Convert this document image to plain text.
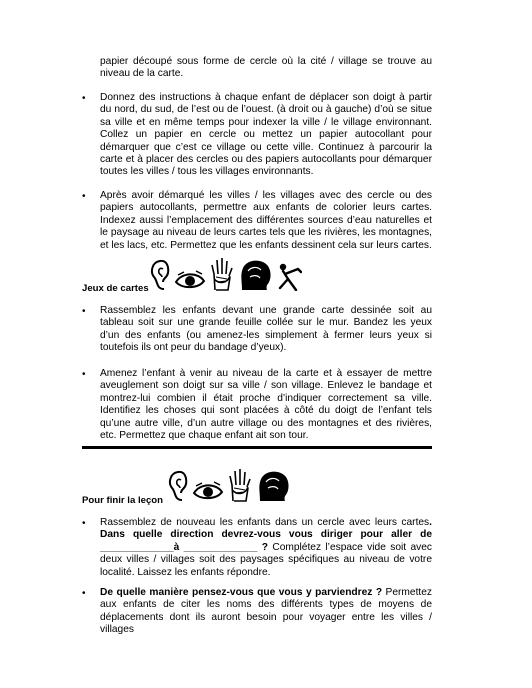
papier découpé sous forme de cercle où la cité / village se trouve au niveau de la carte.
• Donnez des instructions à chaque enfant de déplacer son doigt à partir du nord, du sud, de l’est ou de l’ouest. (à droit ou à gauche) d’où se situe sa ville et en même temps pour indexer la ville / le village environnant. Collez un papier en cercle ou mettez un papier autocollant pour démarquer que c’est ce village ou cette ville. Continuez à parcourir la carte et à placer des cercles ou des papiers autocollants pour démarquer toutes les villes / tous les villages environnants.
• Après avoir démarqué les villes / les villages avec des cercle ou des papiers autocollants, permettre aux enfants de colorier leurs cartes. Indexez aussi l’emplacement des différentes sources d’eau naturelles et le paysage au niveau de leurs cartes tels que les rivières, les montagnes, et les lacs, etc. Permettez que les enfants dessinent cela sur leurs cartes.
Jeux de cartes
• Rassemblez les enfants devant une grande carte dessinée soit au tableau soit sur une grande feuille collée sur le mur. Bandez les yeux d’un des enfants (ou amenez-les simplement à fermer leurs yeux si toutefois ils ont peur du bandage d’yeux).
• Amenez l’enfant à venir au niveau de la carte et à essayer de mettre aveuglement son doigt sur sa ville / son village. Enlevez le bandage et montrez-lui combien il était proche d’indiquer correctement sa ville. Identifiez les choses qui sont placées à côté du doigt de l’enfant tels qu’une autre ville, d’un autre village ou des montagnes et des rivières, etc. Permettez que chaque enfant ait son tour.
Pour finir la leçon
• Rassemblez de nouveau les enfants dans un cercle avec leurs cartes. Dans quelle direction devrez-vous vous diriger pour aller de _____________à _____________ ? Complétez l’espace vide soit avec deux villes / villages soit des paysages spécifiques au niveau de votre localité. Laissez les enfants répondre.
• De quelle manière pensez-vous que vous y parviendrez ? Permettez aux enfants de citer les noms des différents types de moyens de déplacements dont ils auront besoin pour voyager entre les villes / villages
